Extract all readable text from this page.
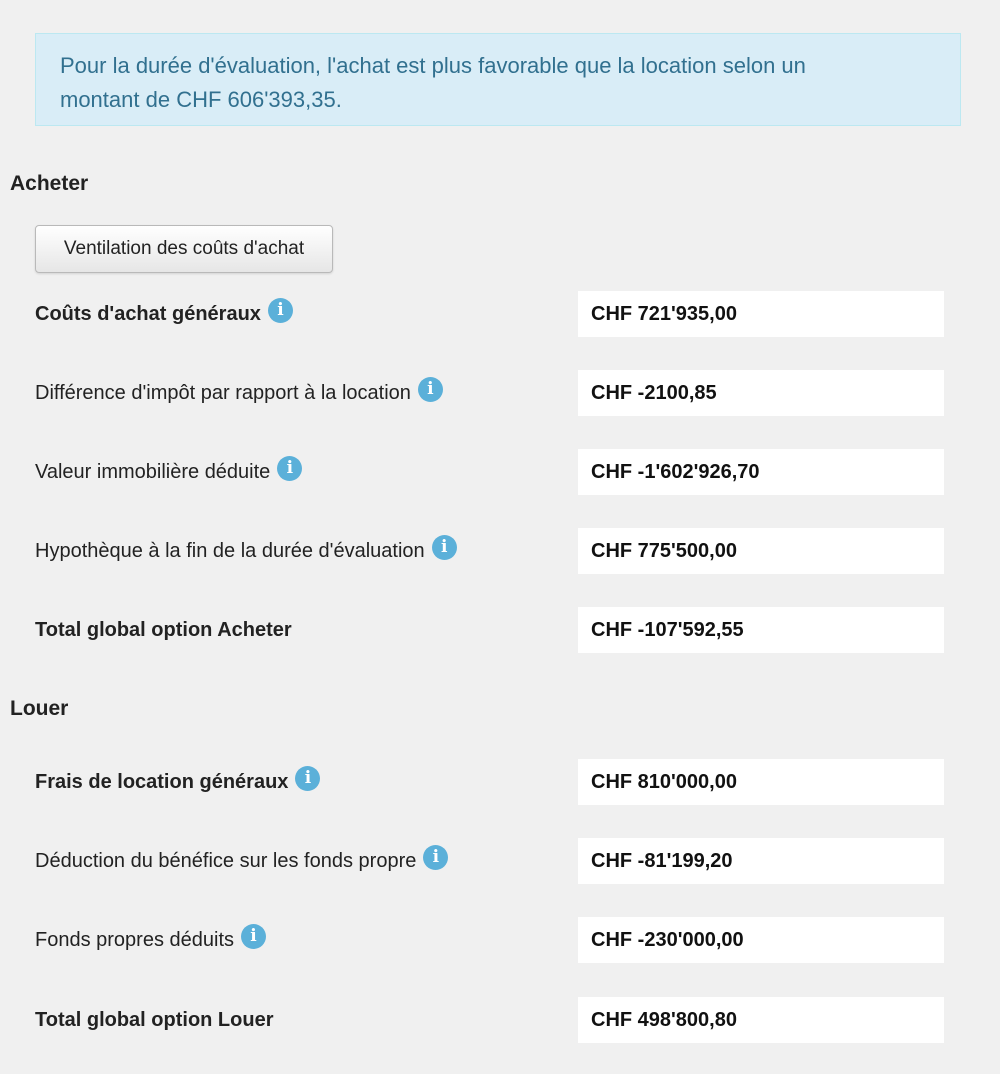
Pour la durée d'évaluation, l'achat est plus favorable que la location selon un
montant de CHF 606'393,35.
Acheter
Ventilation des coûts d'achat
Coûts d'achat généraux i	CHF 721'935,00
Différence d'impôt par rapport à la location i	CHF -2100,85
Valeur immobilière déduite i	CHF -1'602'926,70
Hypothèque à la fin de la durée d'évaluation i	CHF 775'500,00
Total global option Acheter	CHF -107'592,55
Louer
Frais de location généraux i	CHF 810'000,00
Déduction du bénéfice sur les fonds propre i	CHF -81'199,20
Fonds propres déduits i	CHF -230'000,00
Total global option Louer	CHF 498'800,80
